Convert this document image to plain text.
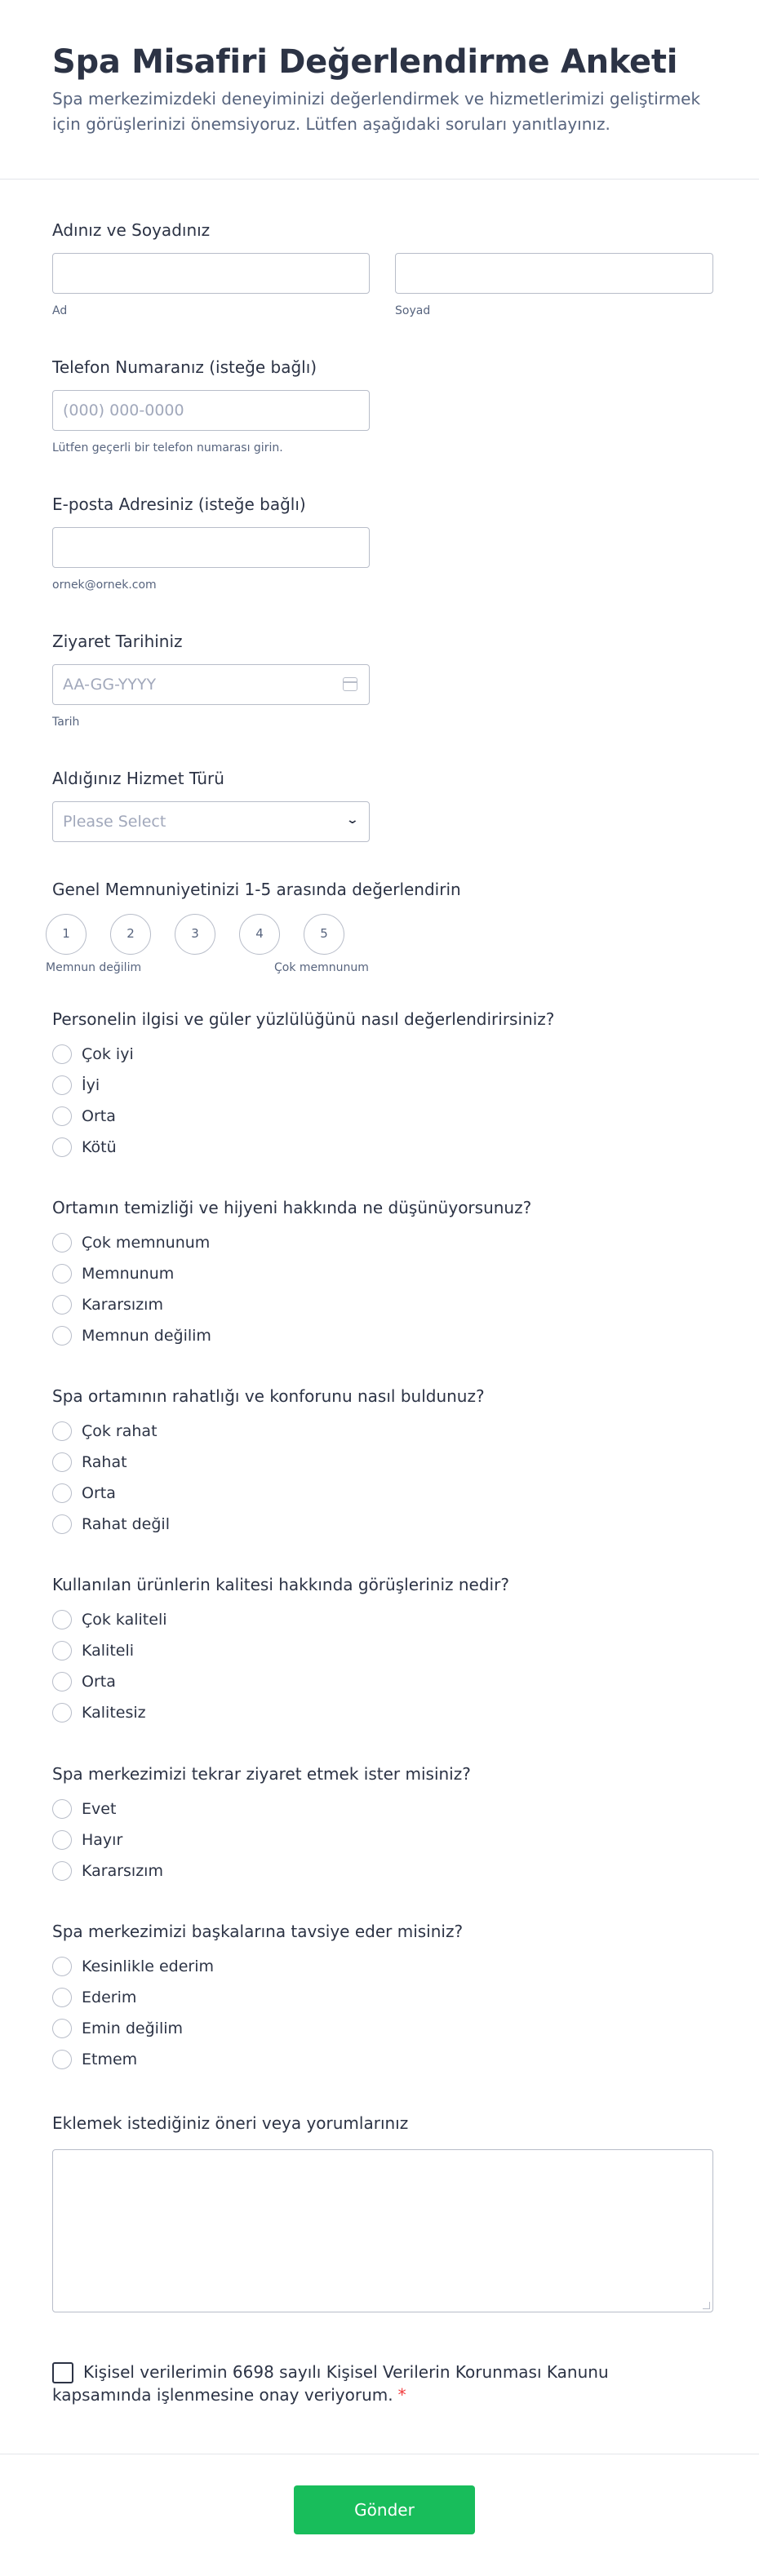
Spa Misafiri Değerlendirme Anketi

Spa merkezimizdeki deneyiminizi değerlendirmek ve hizmetlerimizi geliştirmek için görüşlerinizi önemsiyoruz. Lütfen aşağıdaki soruları yanıtlayınız.

Adınız ve Soyadınız
Ad	Soyad
Telefon Numaranız (isteğe bağlı)
(000) 000-0000
Lütfen geçerli bir telefon numarası girin.
E-posta Adresiniz (isteğe bağlı)
ornek@ornek.com
Ziyaret Tarihiniz
AA-GG-YYYY
Tarih
Aldığınız Hizmet Türü
Please Select	⌄
Genel Memnuniyetinizi 1-5 arasında değerlendirin
1	2	3	4	5
Memnun değilim	Çok memnunum
Personelin ilgisi ve güler yüzlülüğünü nasıl değerlendirirsiniz?
Çok iyi
İyi
Orta
Kötü
Ortamın temizliği ve hijyeni hakkında ne düşünüyorsunuz?
Çok memnunum
Memnunum
Kararsızım
Memnun değilim
Spa ortamının rahatlığı ve konforunu nasıl buldunuz?
Çok rahat
Rahat
Orta
Rahat değil
Kullanılan ürünlerin kalitesi hakkında görüşleriniz nedir?
Çok kaliteli
Kaliteli
Orta
Kalitesiz
Spa merkezimizi tekrar ziyaret etmek ister misiniz?
Evet
Hayır
Kararsızım
Spa merkezimizi başkalarına tavsiye eder misiniz?
Kesinlikle ederim
Ederim
Emin değilim
Etmem
Eklemek istediğiniz öneri veya yorumlarınız
Kişisel verilerimin 6698 sayılı Kişisel Verilerin Korunması Kanunu kapsamında işlenmesine onay veriyorum. *
Gönder
